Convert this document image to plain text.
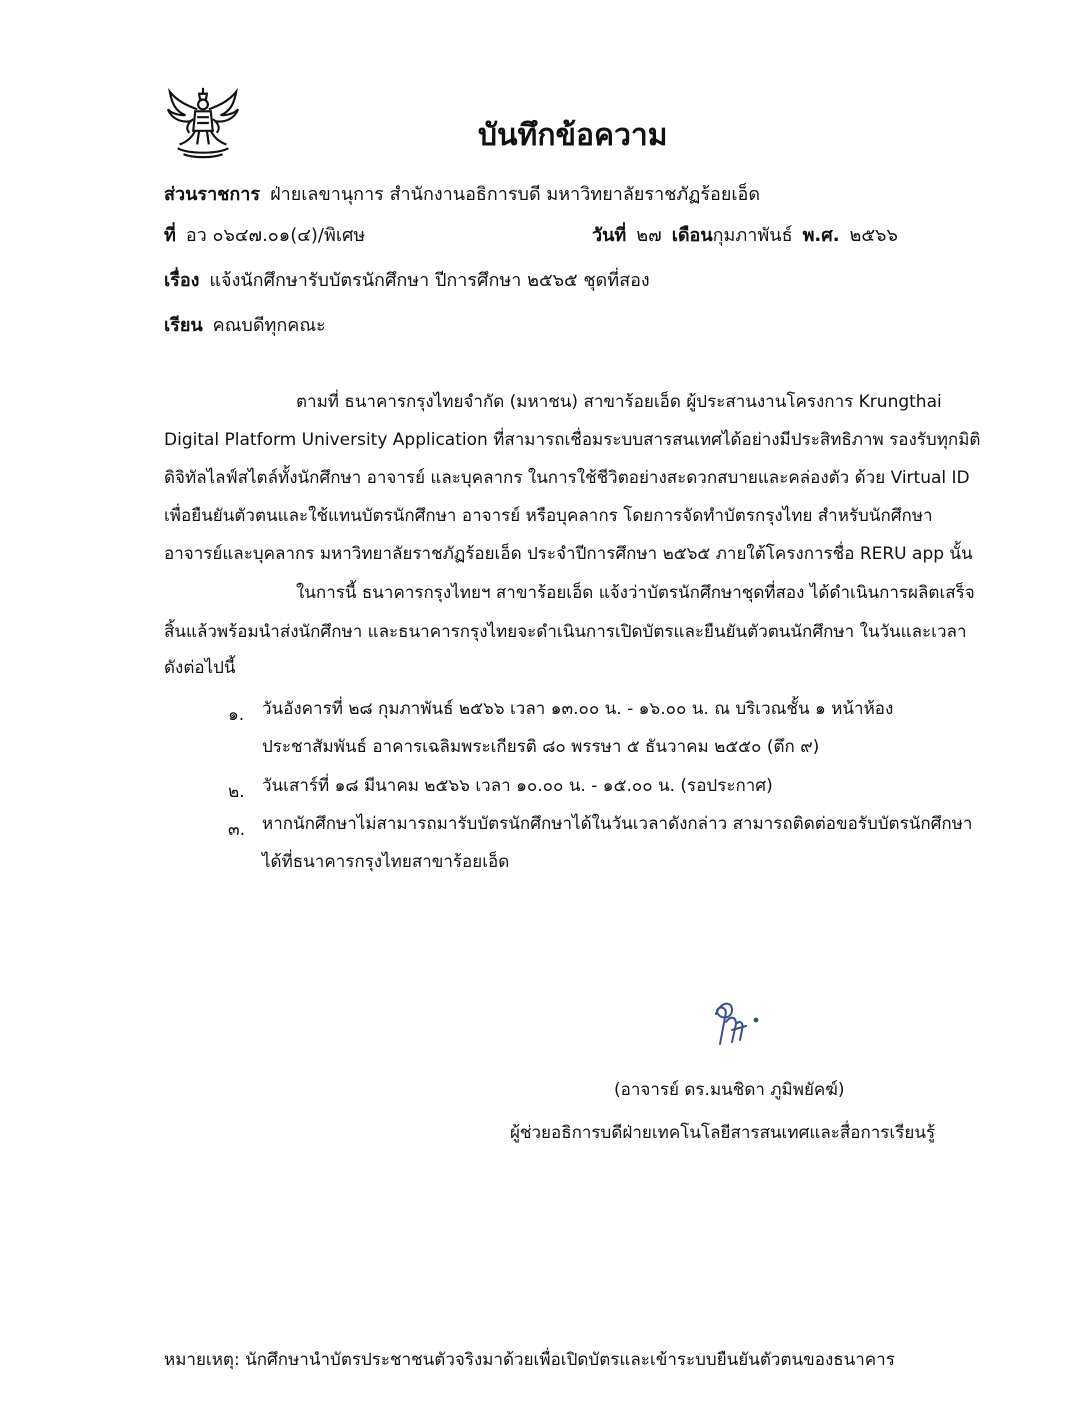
บันทึกข้อความ
ส่วนราชการ ฝ่ายเลขานุการ สำนักงานอธิการบดี มหาวิทยาลัยราชภัฏร้อยเอ็ด
ที่ อว ๐๖๔๗.๐๑(๔)/พิเศษ	วันที่ ๒๗ เดือนกุมภาพันธ์ พ.ศ. ๒๕๖๖
เรื่อง แจ้งนักศึกษารับบัตรนักศึกษา ปีการศึกษา ๒๕๖๕ ชุดที่สอง
เรียน คณบดีทุกคณะ
ตามที่ ธนาคารกรุงไทยจำกัด (มหาชน) สาขาร้อยเอ็ด ผู้ประสานงานโครงการ Krungthai
Digital Platform University Application ที่สามารถเชื่อมระบบสารสนเทศได้อย่างมีประสิทธิภาพ รองรับทุกมิติ
ดิจิทัลไลฟ์สไตล์ทั้งนักศึกษา อาจารย์ และบุคลากร ในการใช้ชีวิตอย่างสะดวกสบายและคล่องตัว ด้วย Virtual ID
เพื่อยืนยันตัวตนและใช้แทนบัตรนักศึกษา อาจารย์ หรือบุคลากร โดยการจัดทำบัตรกรุงไทย สำหรับนักศึกษา
อาจารย์และบุคลากร มหาวิทยาลัยราชภัฏร้อยเอ็ด ประจำปีการศึกษา ๒๕๖๕ ภายใต้โครงการชื่อ RERU app นั้น
ในการนี้ ธนาคารกรุงไทยฯ สาขาร้อยเอ็ด แจ้งว่าบัตรนักศึกษาชุดที่สอง ได้ดำเนินการผลิตเสร็จ
สิ้นแล้วพร้อมนำส่งนักศึกษา และธนาคารกรุงไทยจะดำเนินการเปิดบัตรและยืนยันตัวตนนักศึกษา ในวันและเวลา
ดังต่อไปนี้
๑. วันอังคารที่ ๒๘ กุมภาพันธ์ ๒๕๖๖ เวลา ๑๓.๐๐ น. - ๑๖.๐๐ น. ณ บริเวณชั้น ๑ หน้าห้อง
ประชาสัมพันธ์ อาคารเฉลิมพระเกียรติ ๘๐ พรรษา ๕ ธันวาคม ๒๕๕๐ (ตึก ๙)
๒. วันเสาร์ที่ ๑๘ มีนาคม ๒๕๖๖ เวลา ๑๐.๐๐ น. - ๑๕.๐๐ น. (รอประกาศ)
๓. หากนักศึกษาไม่สามารถมารับบัตรนักศึกษาได้ในวันเวลาดังกล่าว สามารถติดต่อขอรับบัตรนักศึกษา
ได้ที่ธนาคารกรุงไทยสาขาร้อยเอ็ด
(อาจารย์ ดร.มนชิดา ภูมิพยัคฆ์)
ผู้ช่วยอธิการบดีฝ่ายเทคโนโลยีสารสนเทศและสื่อการเรียนรู้
หมายเหตุ: นักศึกษานำบัตรประชาชนตัวจริงมาด้วยเพื่อเปิดบัตรและเข้าระบบยืนยันตัวตนของธนาคาร
